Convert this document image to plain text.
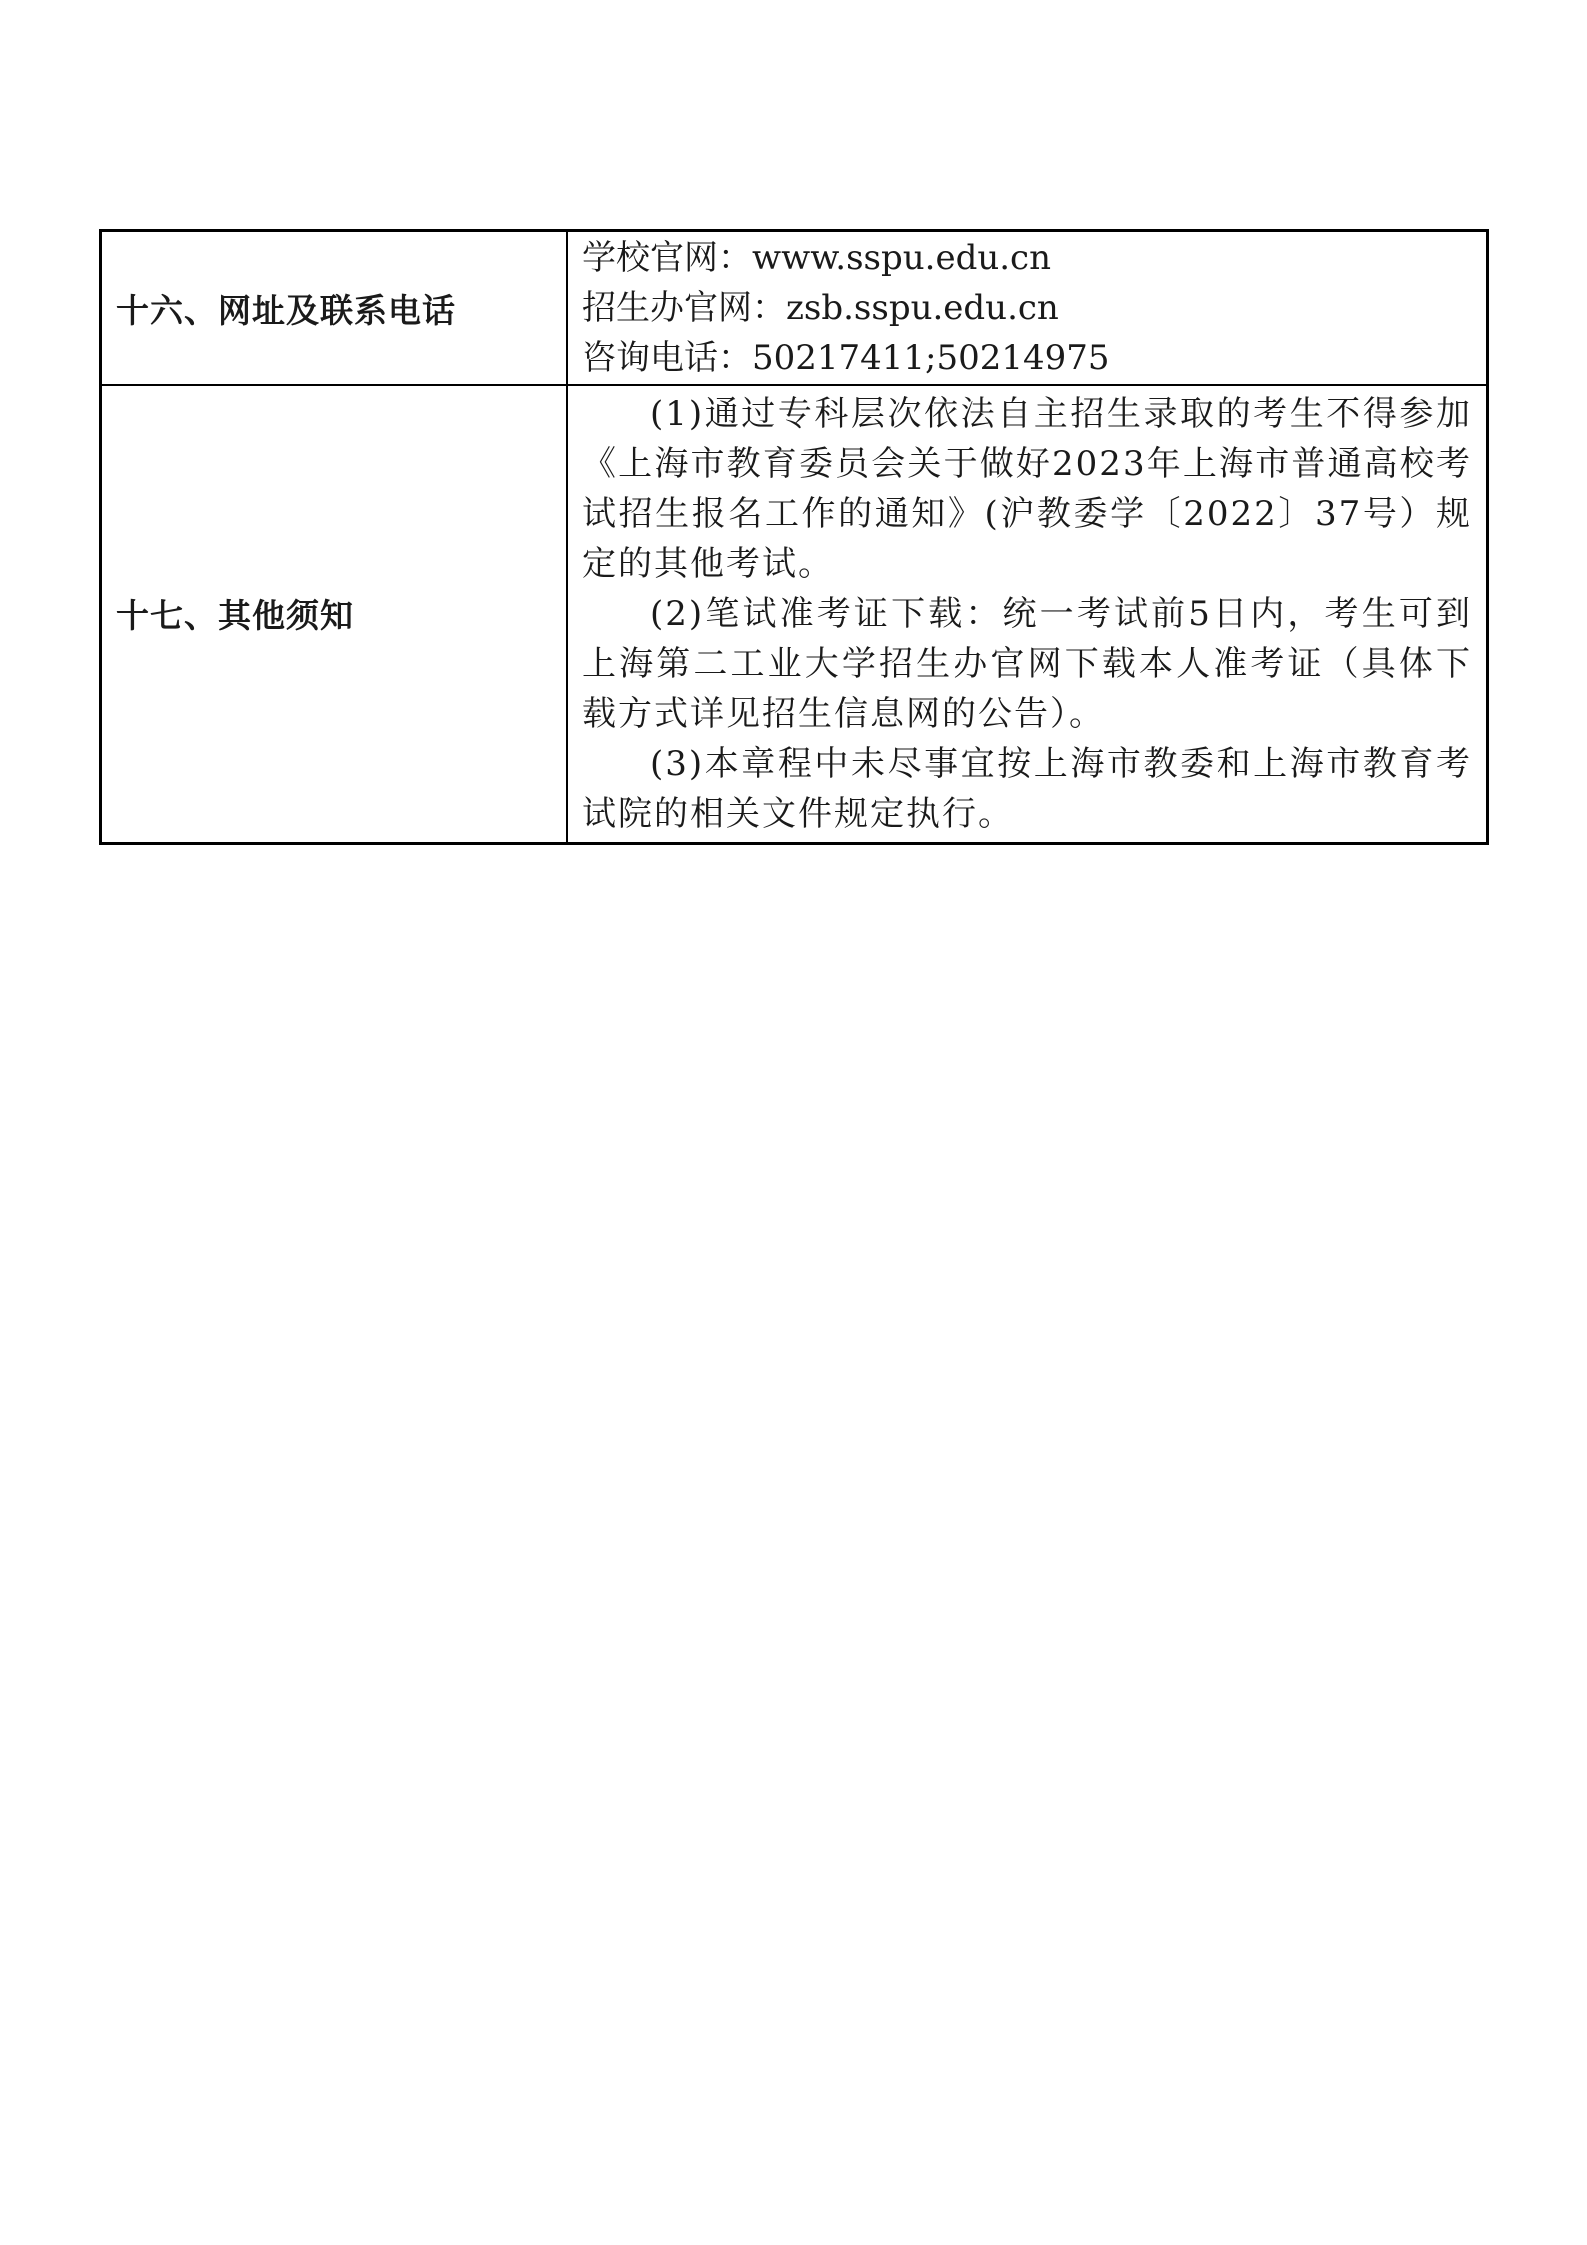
十六、网址及联系电话	学校官网：www.sspu.edu.cn
招生办官网：zsb.sspu.edu.cn
咨询电话：50217411;50214975

十七、其他须知	(1)通过专科层次依法自主招生录取的考生不得参加《上海市教育委员会关于做好2023年上海市普通高校考试招生报名工作的通知》(沪教委学〔2022〕37号）规定的其他考试。
(2)笔试准考证下载：统一考试前5日内，考生可到上海第二工业大学招生办官网下载本人准考证（具体下载方式详见招生信息网的公告）。
(3)本章程中未尽事宜按上海市教委和上海市教育考试院的相关文件规定执行。
